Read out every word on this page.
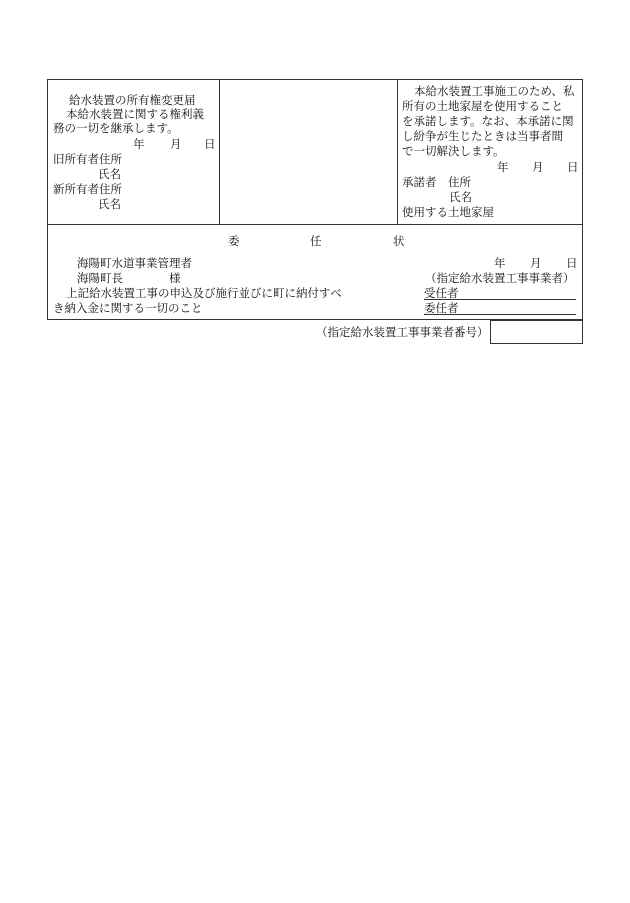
給水装置の所有権変更届
本給水装置に関する権利義
務の一切を継承します。
年 月 日
旧所有者住所
氏名
新所有者住所
氏名
本給水装置工事施工のため、私
所有の土地家屋を使用すること
を承諾します。なお、本承諾に関
し紛争が生じたときは当事者間
で一切解決します。
年 月 日
承諾者　住所
氏名
使用する土地家屋
委	任	状
海陽町水道事業管理者
海陽町長	様
年 月 日
（指定給水装置工事事業者）
上記給水装置工事の申込及び施行並びに町に納付すべ
き納入金に関する一切のこと
受任者
委任者
（指定給水装置工事事業者番号）
